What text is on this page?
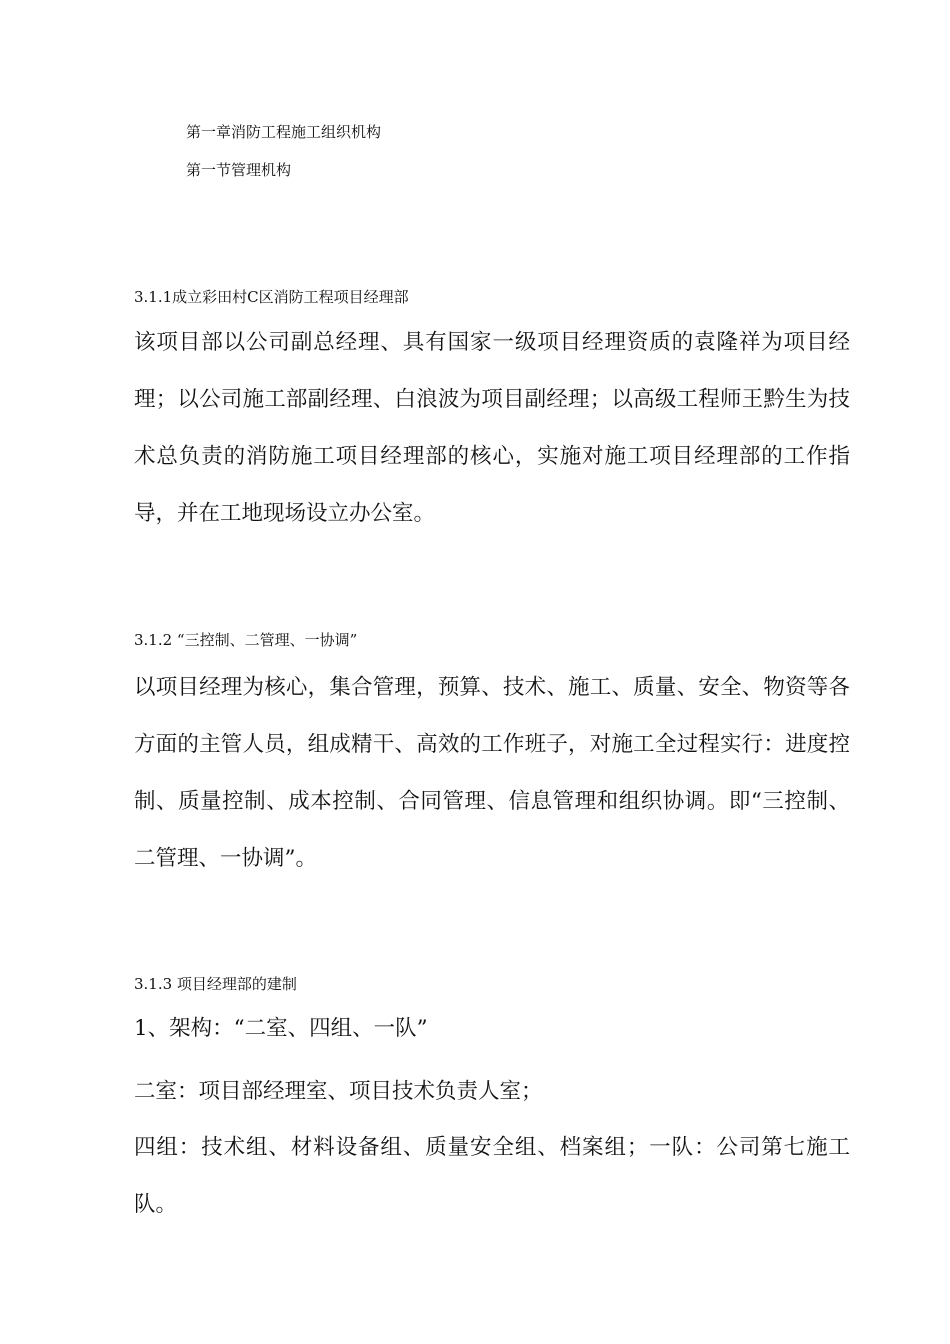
第一章消防工程施工组织机构

第一节管理机构

3.1.1成立彩田村C区消防工程项目经理部

该项目部以公司副总经理、具有国家一级项目经理资质的袁隆祥为项目经理；以公司施工部副经理、白浪波为项目副经理；以高级工程师王黔生为技术总负责的消防施工项目经理部的核心，实施对施工项目经理部的工作指导，并在工地现场设立办公室。

3.1.2 “三控制、二管理、一协调”

以项目经理为核心，集合管理，预算、技术、施工、质量、安全、物资等各方面的主管人员，组成精干、高效的工作班子，对施工全过程实行：进度控制、质量控制、成本控制、合同管理、信息管理和组织协调。即“三控制、二管理、一协调”。

3.1.3 项目经理部的建制

1、架构：“二室、四组、一队”

二室：项目部经理室、项目技术负责人室；

四组：技术组、材料设备组、质量安全组、档案组；一队：公司第七施工队。
